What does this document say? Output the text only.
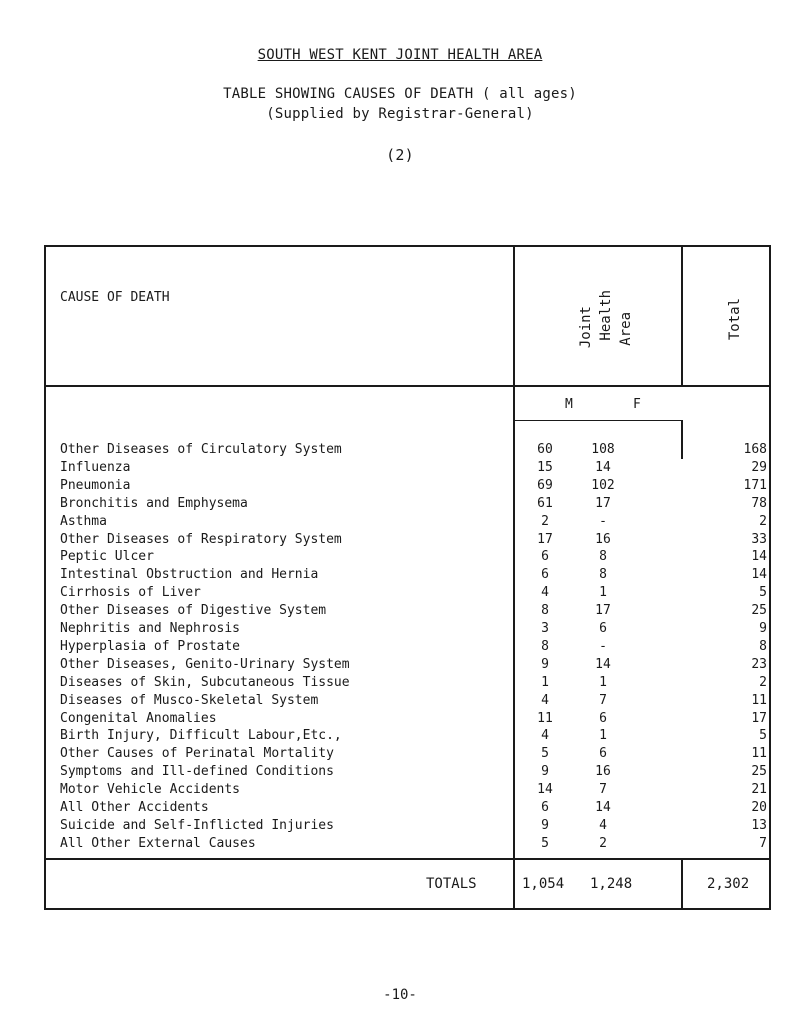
SOUTH WEST KENT JOINT HEALTH AREA
TABLE SHOWING CAUSES OF DEATH ( all ages)
(Supplied by Registrar-General)
(2)
CAUSE OF DEATH
Joint Health Area	Total
M	F
Other Diseases of Circulatory System	60	108	168
Influenza	15	14	29
Pneumonia	69	102	171
Bronchitis and Emphysema	61	17	78
Asthma	2	-	2
Other Diseases of Respiratory System	17	16	33
Peptic Ulcer	6	8	14
Intestinal Obstruction and Hernia	6	8	14
Cirrhosis of Liver	4	1	5
Other Diseases of Digestive System	8	17	25
Nephritis and Nephrosis	3	6	9
Hyperplasia of Prostate	8	-	8
Other Diseases, Genito-Urinary System	9	14	23
Diseases of Skin, Subcutaneous Tissue	1	1	2
Diseases of Musco-Skeletal System	4	7	11
Congenital Anomalies	11	6	17
Birth Injury, Difficult Labour,Etc.,	4	1	5
Other Causes of Perinatal Mortality	5	6	11
Symptoms and Ill-defined Conditions	9	16	25
Motor Vehicle Accidents	14	7	21
All Other Accidents	6	14	20
Suicide and Self-Inflicted Injuries	9	4	13
All Other External Causes	5	2	7
TOTALS	1,054 1,248	2,302
-10-
